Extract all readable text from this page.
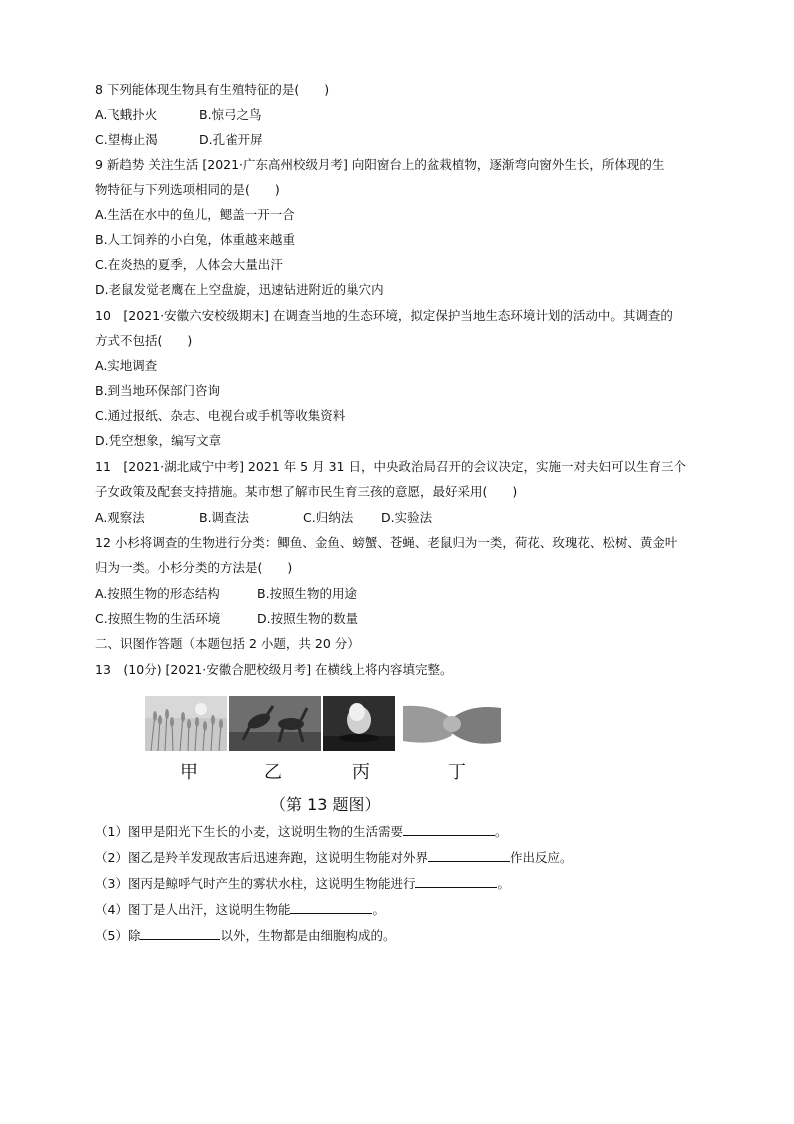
8 下列能体现生物具有生殖特征的是(　　)
A.飞蛾扑火	B.惊弓之鸟
C.望梅止渴	D.孔雀开屏
9 新趋势 关注生活 [2021·广东高州校级月考] 向阳窗台上的盆栽植物，逐渐弯向窗外生长，所体现的生
物特征与下列选项相同的是(　　)
A.生活在水中的鱼儿，鳃盖一开一合
B.人工饲养的小白兔，体重越来越重
C.在炎热的夏季，人体会大量出汗
D.老鼠发觉老鹰在上空盘旋，迅速钻进附近的巢穴内
10　[2021·安徽六安校级期末] 在调查当地的生态环境，拟定保护当地生态环境计划的活动中。其调查的
方式不包括(　　)
A.实地调查
B.到当地环保部门咨询
C.通过报纸、杂志、电视台或手机等收集资料
D.凭空想象，编写文章
11　[2021·湖北咸宁中考] 2021 年 5 月 31 日，中央政治局召开的会议决定，实施一对夫妇可以生育三个
子女政策及配套支持措施。某市想了解市民生育三孩的意愿，最好采用(　　)
A.观察法	B.调查法	C.归纳法 D.实验法
12 小杉将调查的生物进行分类：鲫鱼、金鱼、螃蟹、苍蝇、老鼠归为一类，荷花、玫瑰花、松树、黄金叶
归为一类。小杉分类的方法是(　　)
A.按照生物的形态结构	B.按照生物的用途
C.按照生物的生活环境	D.按照生物的数量
二、识图作答题（本题包括 2 小题，共 20 分）
13　(10分) [2021·安徽合肥校级月考] 在横线上将内容填完整。
甲	乙	丙	丁
（第 13 题图）
（1）图甲是阳光下生长的小麦，这说明生物的生活需要	。
（2）图乙是羚羊发现敌害后迅速奔跑，这说明生物能对外界	作出反应。
（3）图丙是鲸呼气时产生的雾状水柱，这说明生物能进行	。
（4）图丁是人出汗，这说明生物能	。
（5）除	以外，生物都是由细胞构成的。
